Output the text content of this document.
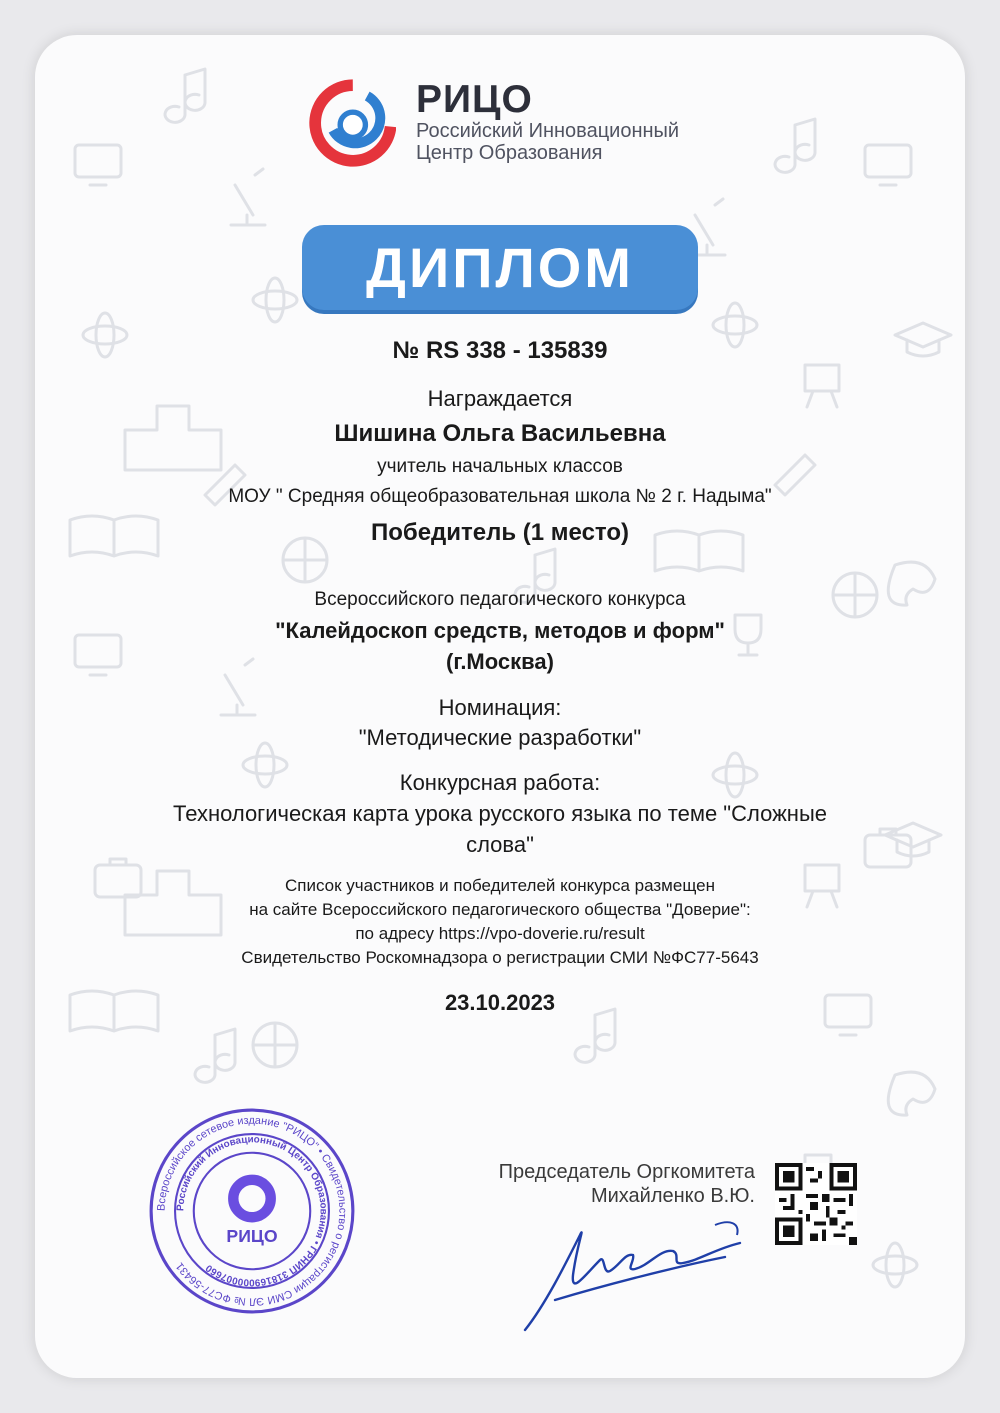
РИЦО
Российский Инновационный
Центр Образования
ДИПЛОМ
№ RS 338 - 135839
Награждается
Шишина Ольга Васильевна
учитель начальных классов
МОУ " Средняя общеобразовательная школа № 2 г. Надыма"
Победитель (1 место)
Всероссийского педагогического конкурса
"Калейдоскоп средств, методов и форм"
(г.Москва)
Номинация:
"Методические разработки"
Конкурсная работа:
Технологическая карта урока русского языка по теме "Сложные
слова"
Список участников и победителей конкурса размещен
на сайте Всероссийского педагогического общества "Доверие":
по адресу https://vpo-doverie.ru/result
Свидетельство Роскомнадзора о регистрации СМИ №ФС77-5643
23.10.2023
Всероссийское сетевое издание "РИЦО" • Свидетельство о регистрации СМИ ЭЛ № ФС77-56431
Российский Инновационный Центр Образования • ГРНИП 318169000007660
РИЦО
Председатель Оргкомитета
Михайленко В.Ю.
